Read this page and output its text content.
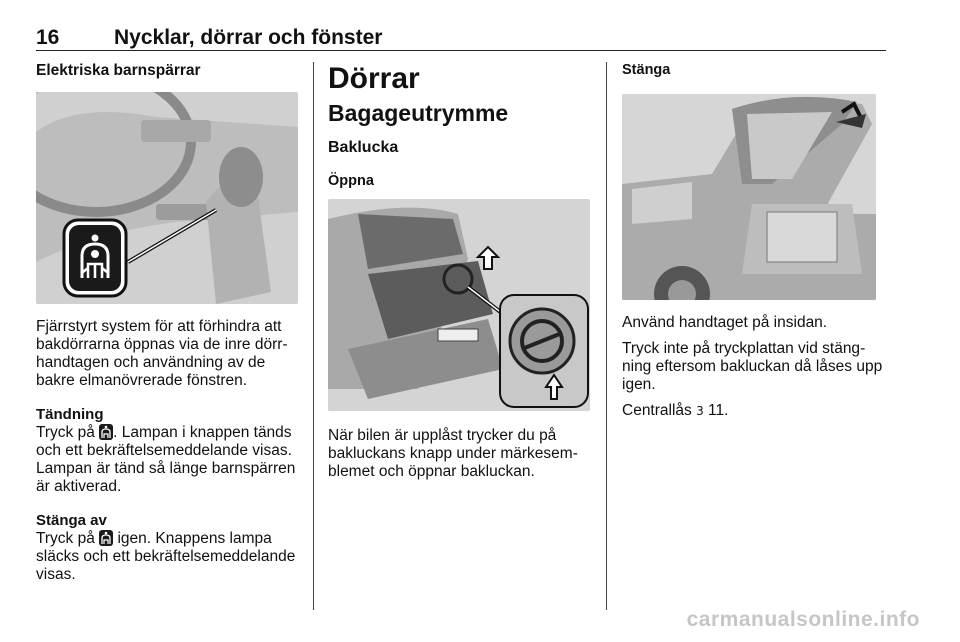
16	Nycklar, dörrar och fönster
Elektriska barnspärrar

Fjärrstyrt system för att förhindra att bakdörrarna öppnas via de inre dörrhandtagen och användning av de bakre elmanövrerade fönstren.

Tändning

Tryck på . Lampan i knappen tänds och ett bekräftelsemeddelande visas. Lampan är tänd så länge barnspärren är aktiverad.

Stänga av

Tryck på  igen. Knappens lampa släcks och ett bekräftelsemeddelande visas.

Dörrar
Bagageutrymme
Baklucka
Öppna

När bilen är upplåst trycker du på bakluckans knapp under märkesemblemet och öppnar bakluckan.

Stänga

Använd handtaget på insidan.

Tryck inte på tryckplattan vid stängning eftersom bakluckan då låses upp igen.

Centrallås 3 11.

carmanualsonline.info
